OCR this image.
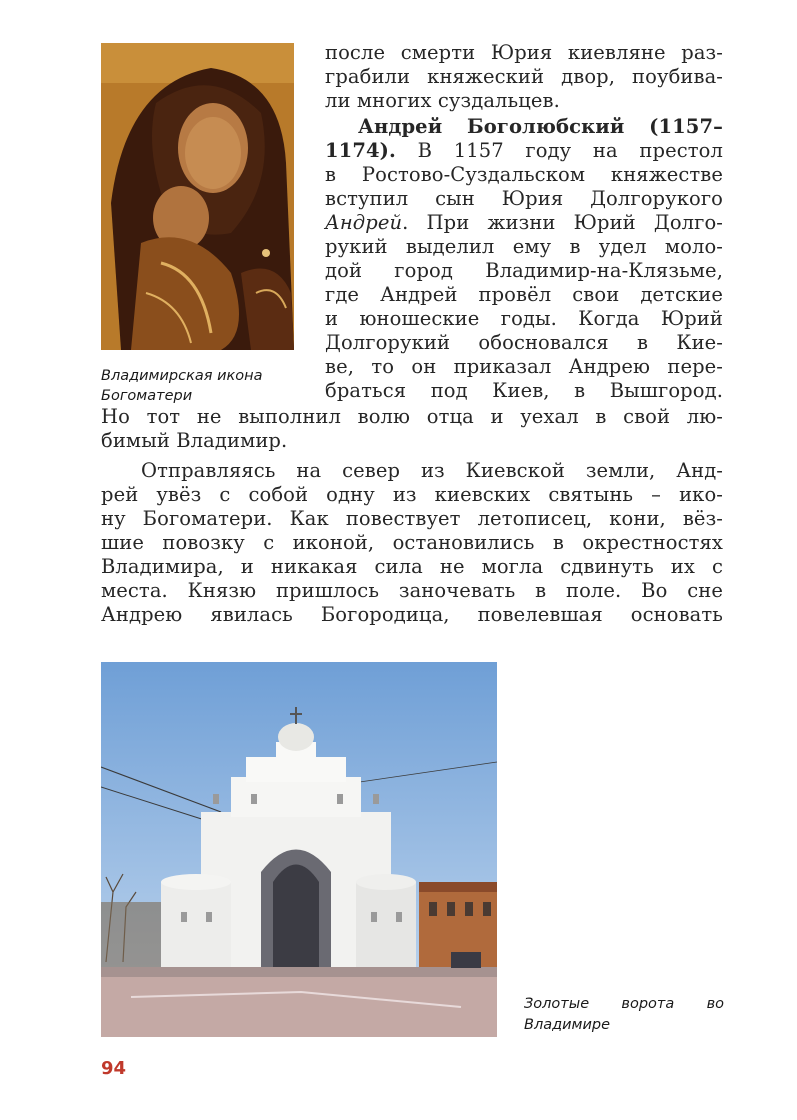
Владимирская икона
Богоматери
после смерти Юрия киевляне раз-
грабили княжеский двор, поубива-
ли многих суздальцев.
Андрей Боголюбский (1157–
1174). В 1157 году на престол
в Ростово-Суздальском княжестве
вступил сын Юрия Долгорукого
Андрей. При жизни Юрий Долго-
рукий выделил ему в удел моло-
дой город Владимир-на-Клязьме,
где Андрей провёл свои детские
и юношеские годы. Когда Юрий
Долгорукий обосновался в Кие-
ве, то он приказал Андрею пере-
браться под Киев, в Вышгород.
Но тот не выполнил волю отца и уехал в свой лю-
бимый Владимир.
Отправляясь на север из Киевской земли, Анд-
рей увёз с собой одну из киевских святынь – ико-
ну Богоматери. Как повествует летописец, кони, вёз-
шие повозку с иконой, остановились в окрестностях
Владимира, и никакая сила не могла сдвинуть их с
места. Князю пришлось заночевать в поле. Во сне
Андрею явилась Богородица, повелевшая основать
Золотые ворота во
Владимире
94
